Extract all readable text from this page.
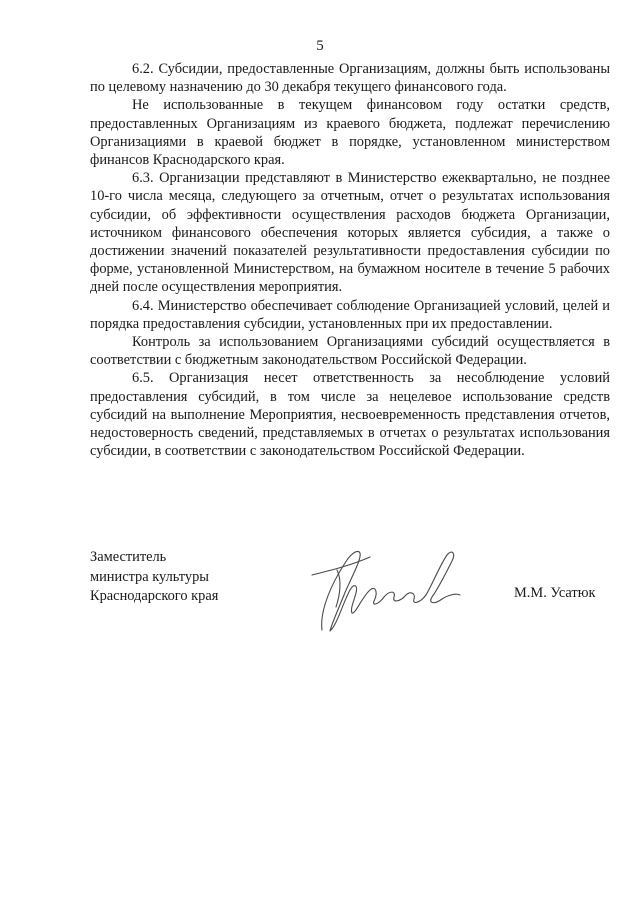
5

6.2. Субсидии, предоставленные Организациям, должны быть использованы по целевому назначению до 30 декабря текущего финансового года.

Не использованные в текущем финансовом году остатки средств, предоставленных Организациям из краевого бюджета, подлежат перечислению Организациями в краевой бюджет в порядке, установленном министерством финансов Краснодарского края.

6.3. Организации представляют в Министерство ежеквартально, не позднее 10-го числа месяца, следующего за отчетным, отчет о результатах использования субсидии, об эффективности осуществления расходов бюджета Организации, источником финансового обеспечения которых является субсидия, а также о достижении значений показателей результативности предоставления субсидии по форме, установленной Министерством, на бумажном носителе в течение 5 рабочих дней после осуществления мероприятия.

6.4. Министерство обеспечивает соблюдение Организацией условий, целей и порядка предоставления субсидии, установленных при их предоставлении.

Контроль за использованием Организациями субсидий осуществляется в соответствии с бюджетным законодательством Российской Федерации.

6.5. Организация несет ответственность за несоблюдение условий предоставления субсидий, в том числе за нецелевое использование средств субсидий на выполнение Мероприятия, несвоевременность представления отчетов, недостоверность сведений, представляемых в отчетах о результатах использования субсидии, в соответствии с законодательством Российской Федерации.

Заместитель
министра культуры
Краснодарского края	М.М. Усатюк
